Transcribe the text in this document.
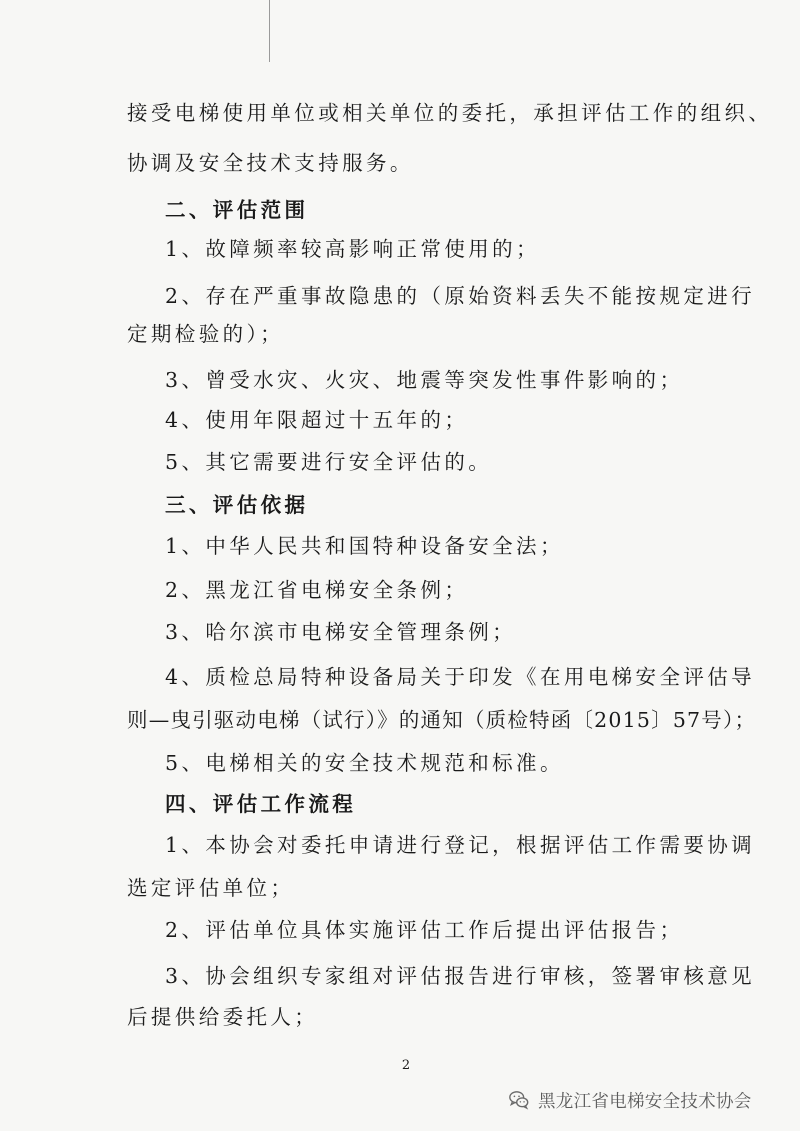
接受电梯使用单位或相关单位的委托，承担评估工作的组织、
协调及安全技术支持服务。
二、评估范围
1、故障频率较高影响正常使用的；
2、存在严重事故隐患的（原始资料丢失不能按规定进行
定期检验的）；
3、曾受水灾、火灾、地震等突发性事件影响的；
4、使用年限超过十五年的；
5、其它需要进行安全评估的。
三、评估依据
1、中华人民共和国特种设备安全法；
2、黑龙江省电梯安全条例；
3、哈尔滨市电梯安全管理条例；
4、质检总局特种设备局关于印发《在用电梯安全评估导
则—曳引驱动电梯（试行）》的通知（质检特函〔2015〕57号）；
5、电梯相关的安全技术规范和标准。
四、评估工作流程
1、本协会对委托申请进行登记，根据评估工作需要协调
选定评估单位；
2、评估单位具体实施评估工作后提出评估报告；
3、协会组织专家组对评估报告进行审核，签署审核意见
后提供给委托人；
2
黑龙江省电梯安全技术协会
